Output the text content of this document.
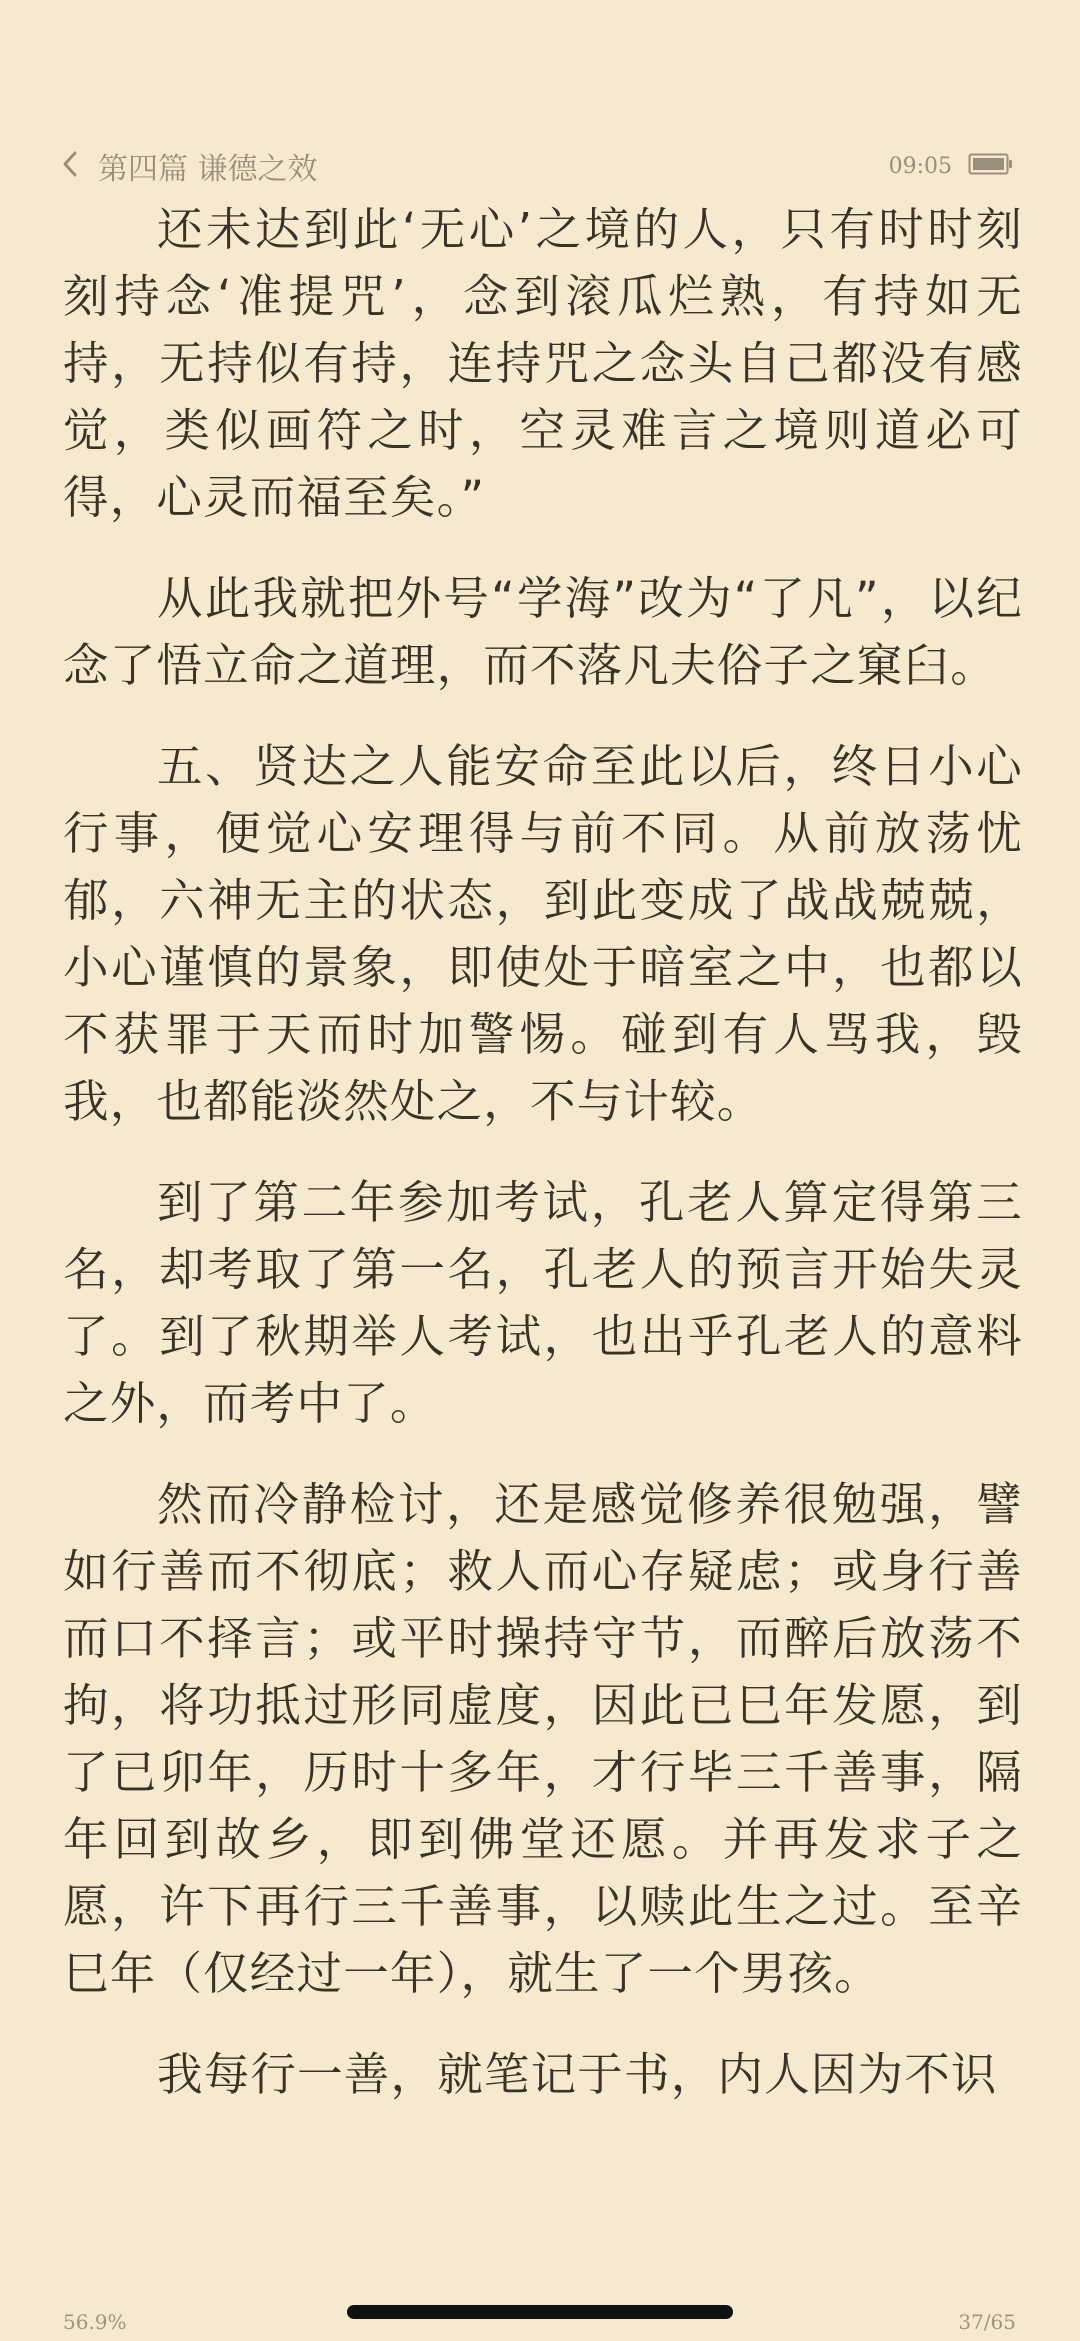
第四篇 谦德之效	09:05

还未达到此‘无心’之境的人，只有时时刻刻持念‘准提咒’，念到滚瓜烂熟，有持如无持，无持似有持，连持咒之念头自己都没有感觉，类似画符之时，空灵难言之境则道必可得，心灵而福至矣。”

从此我就把外号“学海”改为“了凡”，以纪念了悟立命之道理，而不落凡夫俗子之窠臼。

五、贤达之人能安命至此以后，终日小心行事，便觉心安理得与前不同。从前放荡忧郁，六神无主的状态，到此变成了战战兢兢，小心谨慎的景象，即使处于暗室之中，也都以不获罪于天而时加警惕。碰到有人骂我，毁我，也都能淡然处之，不与计较。

到了第二年参加考试，孔老人算定得第三名，却考取了第一名，孔老人的预言开始失灵了。到了秋期举人考试，也出乎孔老人的意料之外，而考中了。

然而冷静检讨，还是感觉修养很勉强，譬如行善而不彻底；救人而心存疑虑；或身行善而口不择言；或平时操持守节，而醉后放荡不拘，将功抵过形同虚度，因此已巳年发愿，到了已卯年，历时十多年，才行毕三千善事，隔年回到故乡，即到佛堂还愿。并再发求子之愿，许下再行三千善事，以赎此生之过。至辛巳年（仅经过一年），就生了一个男孩。

我每行一善，就笔记于书，内人因为不识

56.9%	37/65
